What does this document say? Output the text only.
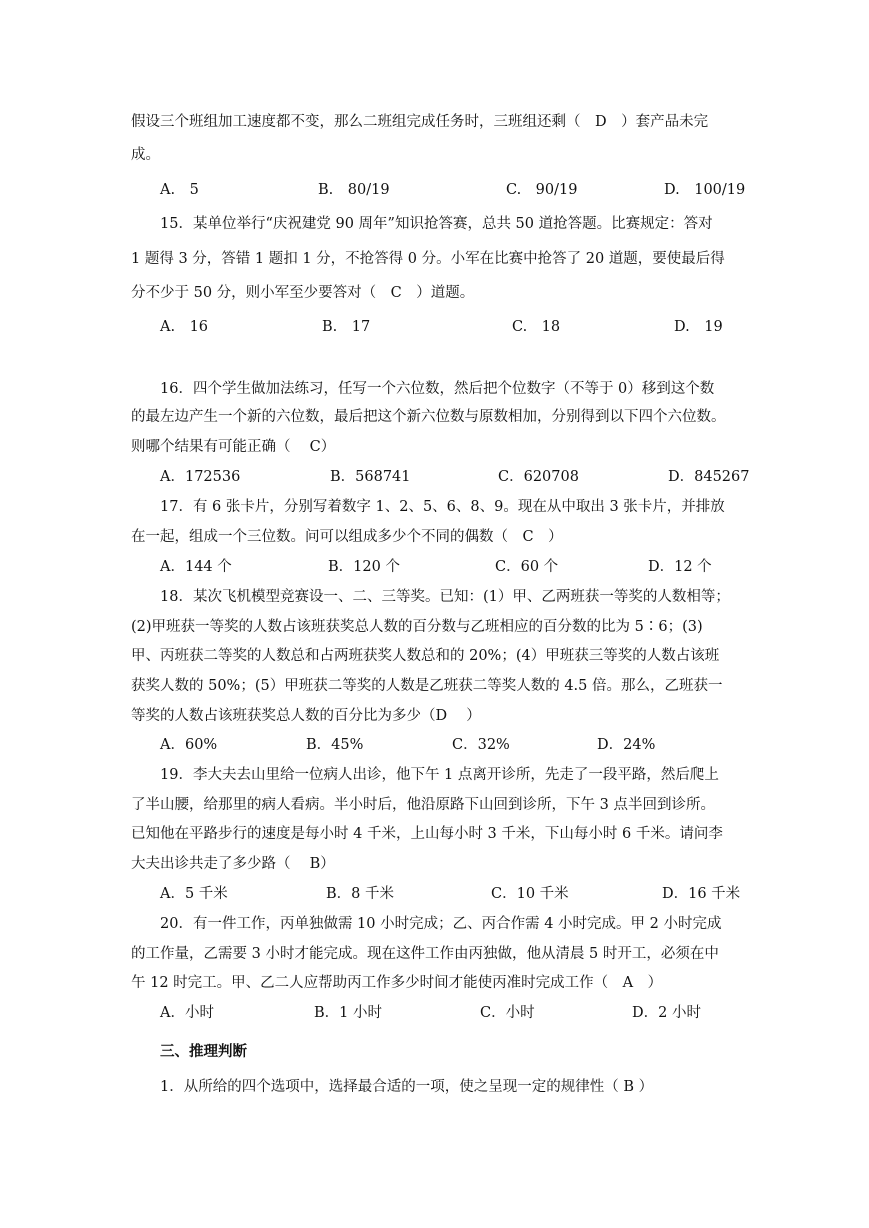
假设三个班组加工速度都不变，那么二班组完成任务时，三班组还剩（　D　）套产品未完
成。
A.　5	B.　80/19	C.　90/19	D.　100/19
15．某单位举行“庆祝建党 90 周年”知识抢答赛，总共 50 道抢答题。比赛规定：答对
1 题得 3 分，答错 1 题扣 1 分，不抢答得 0 分。小军在比赛中抢答了 20 道题，要使最后得
分不少于 50 分，则小军至少要答对（　C　）道题。
A.　16	B.　17	C.　18	D.　19
16．四个学生做加法练习，任写一个六位数，然后把个位数字（不等于 0）移到这个数
的最左边产生一个新的六位数，最后把这个新六位数与原数相加，分别得到以下四个六位数。
则哪个结果有可能正确（　 C）
A．172536	B．568741	C．620708	D．845267
17．有 6 张卡片，分别写着数字 1、2、5、6、8、9。现在从中取出 3 张卡片，并排放
在一起，组成一个三位数。问可以组成多少个不同的偶数（　C　）
A．144 个	B．120 个	C．60 个	D．12 个
18．某次飞机模型竞赛设一、二、三等奖。已知：(1）甲、乙两班获一等奖的人数相等；
(2)甲班获一等奖的人数占该班获奖总人数的百分数与乙班相应的百分数的比为 5∶6；(3)
甲、丙班获二等奖的人数总和占两班获奖人数总和的 20%；(4）甲班获三等奖的人数占该班
获奖人数的 50%；(5）甲班获二等奖的人数是乙班获二等奖人数的 4.5 倍。那么，乙班获一
等奖的人数占该班获奖总人数的百分比为多少（D　 ）
A．60%	B．45%	C．32%	D．24%
19．李大夫去山里给一位病人出诊，他下午 1 点离开诊所，先走了一段平路，然后爬上
了半山腰，给那里的病人看病。半小时后，他沿原路下山回到诊所，下午 3 点半回到诊所。
已知他在平路步行的速度是每小时 4 千米，上山每小时 3 千米，下山每小时 6 千米。请问李
大夫出诊共走了多少路（　 B）
A．5 千米	B．8 千米	C．10 千米	D．16 千米
20．有一件工作，丙单独做需 10 小时完成；乙、丙合作需 4 小时完成。甲 2 小时完成
的工作量，乙需要 3 小时才能完成。现在这件工作由丙独做，他从清晨 5 时开工，必须在中
午 12 时完工。甲、乙二人应帮助丙工作多少时间才能使丙准时完成工作（　A　）
A．小时	B．1 小时	C．小时	D．2 小时
三、推理判断
1．从所给的四个选项中，选择最合适的一项，使之呈现一定的规律性（ B ）
